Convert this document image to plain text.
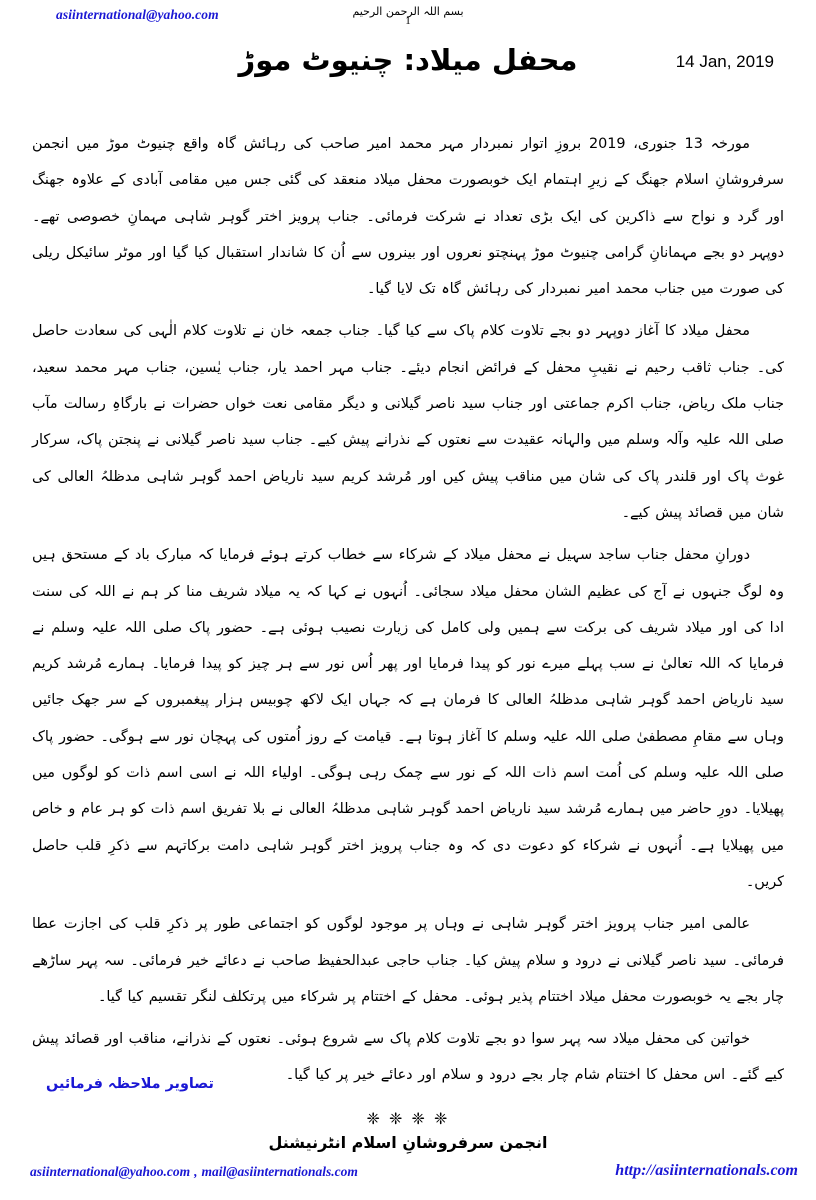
asiinternational@yahoo.com	بسم اللہ الرحمن الرحیم
1
محفل میلاد: چنیوٹ موڑ	14 Jan, 2019

مورخہ 13 جنوری، 2019 بروزِ اتوار نمبردار مہر محمد امیر صاحب کی رہائش گاہ واقع چنیوٹ موڑ میں انجمن سرفروشانِ اسلام جھنگ کے زیرِ اہتمام ایک خوبصورت محفل میلاد منعقد کی گئی جس میں مقامی آبادی کے علاوہ جھنگ اور گرد و نواح سے ذاکرین کی ایک بڑی تعداد نے شرکت فرمائی۔ جناب پرویز اختر گوہر شاہی مہمانِ خصوصی تھے۔ دوپہر دو بجے مہمانانِ گرامی چنیوٹ موڑ پہنچتو نعروں اور بینروں سے اُن کا شاندار استقبال کیا گیا اور موٹر سائیکل ریلی کی صورت میں جناب محمد امیر نمبردار کی رہائش گاہ تک لایا گیا۔

محفل میلاد کا آغاز دوپہر دو بجے تلاوت کلام پاک سے کیا گیا۔ جناب جمعہ خان نے تلاوت کلام الٰہی کی سعادت حاصل کی۔ جناب ثاقب رحیم نے نقیبِ محفل کے فرائض انجام دیئے۔ جناب مہر احمد یار، جناب یٰسین، جناب مہر محمد سعید، جناب ملک ریاض، جناب اکرم جماعتی اور جناب سید ناصر گیلانی و دیگر مقامی نعت خواں حضرات نے بارگاہِ رسالت مآب صلی اللہ علیہ وآلہ وسلم میں والہانہ عقیدت سے نعتوں کے نذرانے پیش کیے۔ جناب سید ناصر گیلانی نے پنجتن پاک، سرکار غوث پاک اور قلندر پاک کی شان میں مناقب پیش کیں اور مُرشد کریم سید ناریاض احمد گوہر شاہی مدظلہُ العالی کی شان میں قصائد پیش کیے۔

دورانِ محفل جناب ساجد سہیل نے محفل میلاد کے شرکاء سے خطاب کرتے ہوئے فرمایا کہ مبارک باد کے مستحق ہیں وہ لوگ جنہوں نے آج کی عظیم الشان محفل میلاد سجائی۔ اُنہوں نے کہا کہ یہ میلاد شریف منا کر ہم نے اللہ کی سنت ادا کی اور میلاد شریف کی برکت سے ہمیں ولی کامل کی زیارت نصیب ہوئی ہے۔ حضور پاک صلی اللہ علیہ وسلم نے فرمایا کہ اللہ تعالیٰ نے سب پہلے میرے نور کو پیدا فرمایا اور پھر اُس نور سے ہر چیز کو پیدا فرمایا۔ ہمارے مُرشد کریم سید ناریاض احمد گوہر شاہی مدظلہُ العالی کا فرمان ہے کہ جہاں ایک لاکھ چوبیس ہزار پیغمبروں کے سر جھک جائیں وہاں سے مقامِ مصطفیٰ صلی اللہ علیہ وسلم کا آغاز ہوتا ہے۔ قیامت کے روز اُمتوں کی پہچان نور سے ہوگی۔ حضور پاک صلی اللہ علیہ وسلم کی اُمت اسم ذات اللہ کے نور سے چمک رہی ہوگی۔ اولیاء اللہ نے اسی اسم ذات کو لوگوں میں پھیلایا۔ دورِ حاضر میں ہمارے مُرشد سید ناریاض احمد گوہر شاہی مدظلہُ العالی نے بلا تفریق اسم ذات کو ہر عام و خاص میں پھیلایا ہے۔ اُنہوں نے شرکاء کو دعوت دی کہ وہ جناب پرویز اختر گوہر شاہی دامت برکاتہم سے ذکرِ قلب حاصل کریں۔

عالمی امیر جناب پرویز اختر گوہر شاہی نے وہاں پر موجود لوگوں کو اجتماعی طور پر ذکرِ قلب کی اجازت عطا فرمائی۔ سید ناصر گیلانی نے درود و سلام پیش کیا۔ جناب حاجی عبدالحفیظ صاحب نے دعائے خیر فرمائی۔ سہ پہر ساڑھے چار بجے یہ خوبصورت محفل میلاد اختتام پذیر ہوئی۔ محفل کے اختتام پر شرکاء میں پرتکلف لنگر تقسیم کیا گیا۔

خواتین کی محفل میلاد سہ پہر سوا دو بجے تلاوت کلام پاک سے شروع ہوئی۔ نعتوں کے نذرانے، مناقب اور قصائد پیش کیے گئے۔ اس محفل کا اختتام شام چار بجے درود و سلام اور دعائے خیر پر کیا گیا۔

تصاویر ملاحظہ فرمائیں
❈ ❈ ❈ ❈
انجمن سرفروشانِ اسلام انٹرنیشنل
asiinternational@yahoo.com , mail@asiinternationals.com	http://asiinternationals.com
